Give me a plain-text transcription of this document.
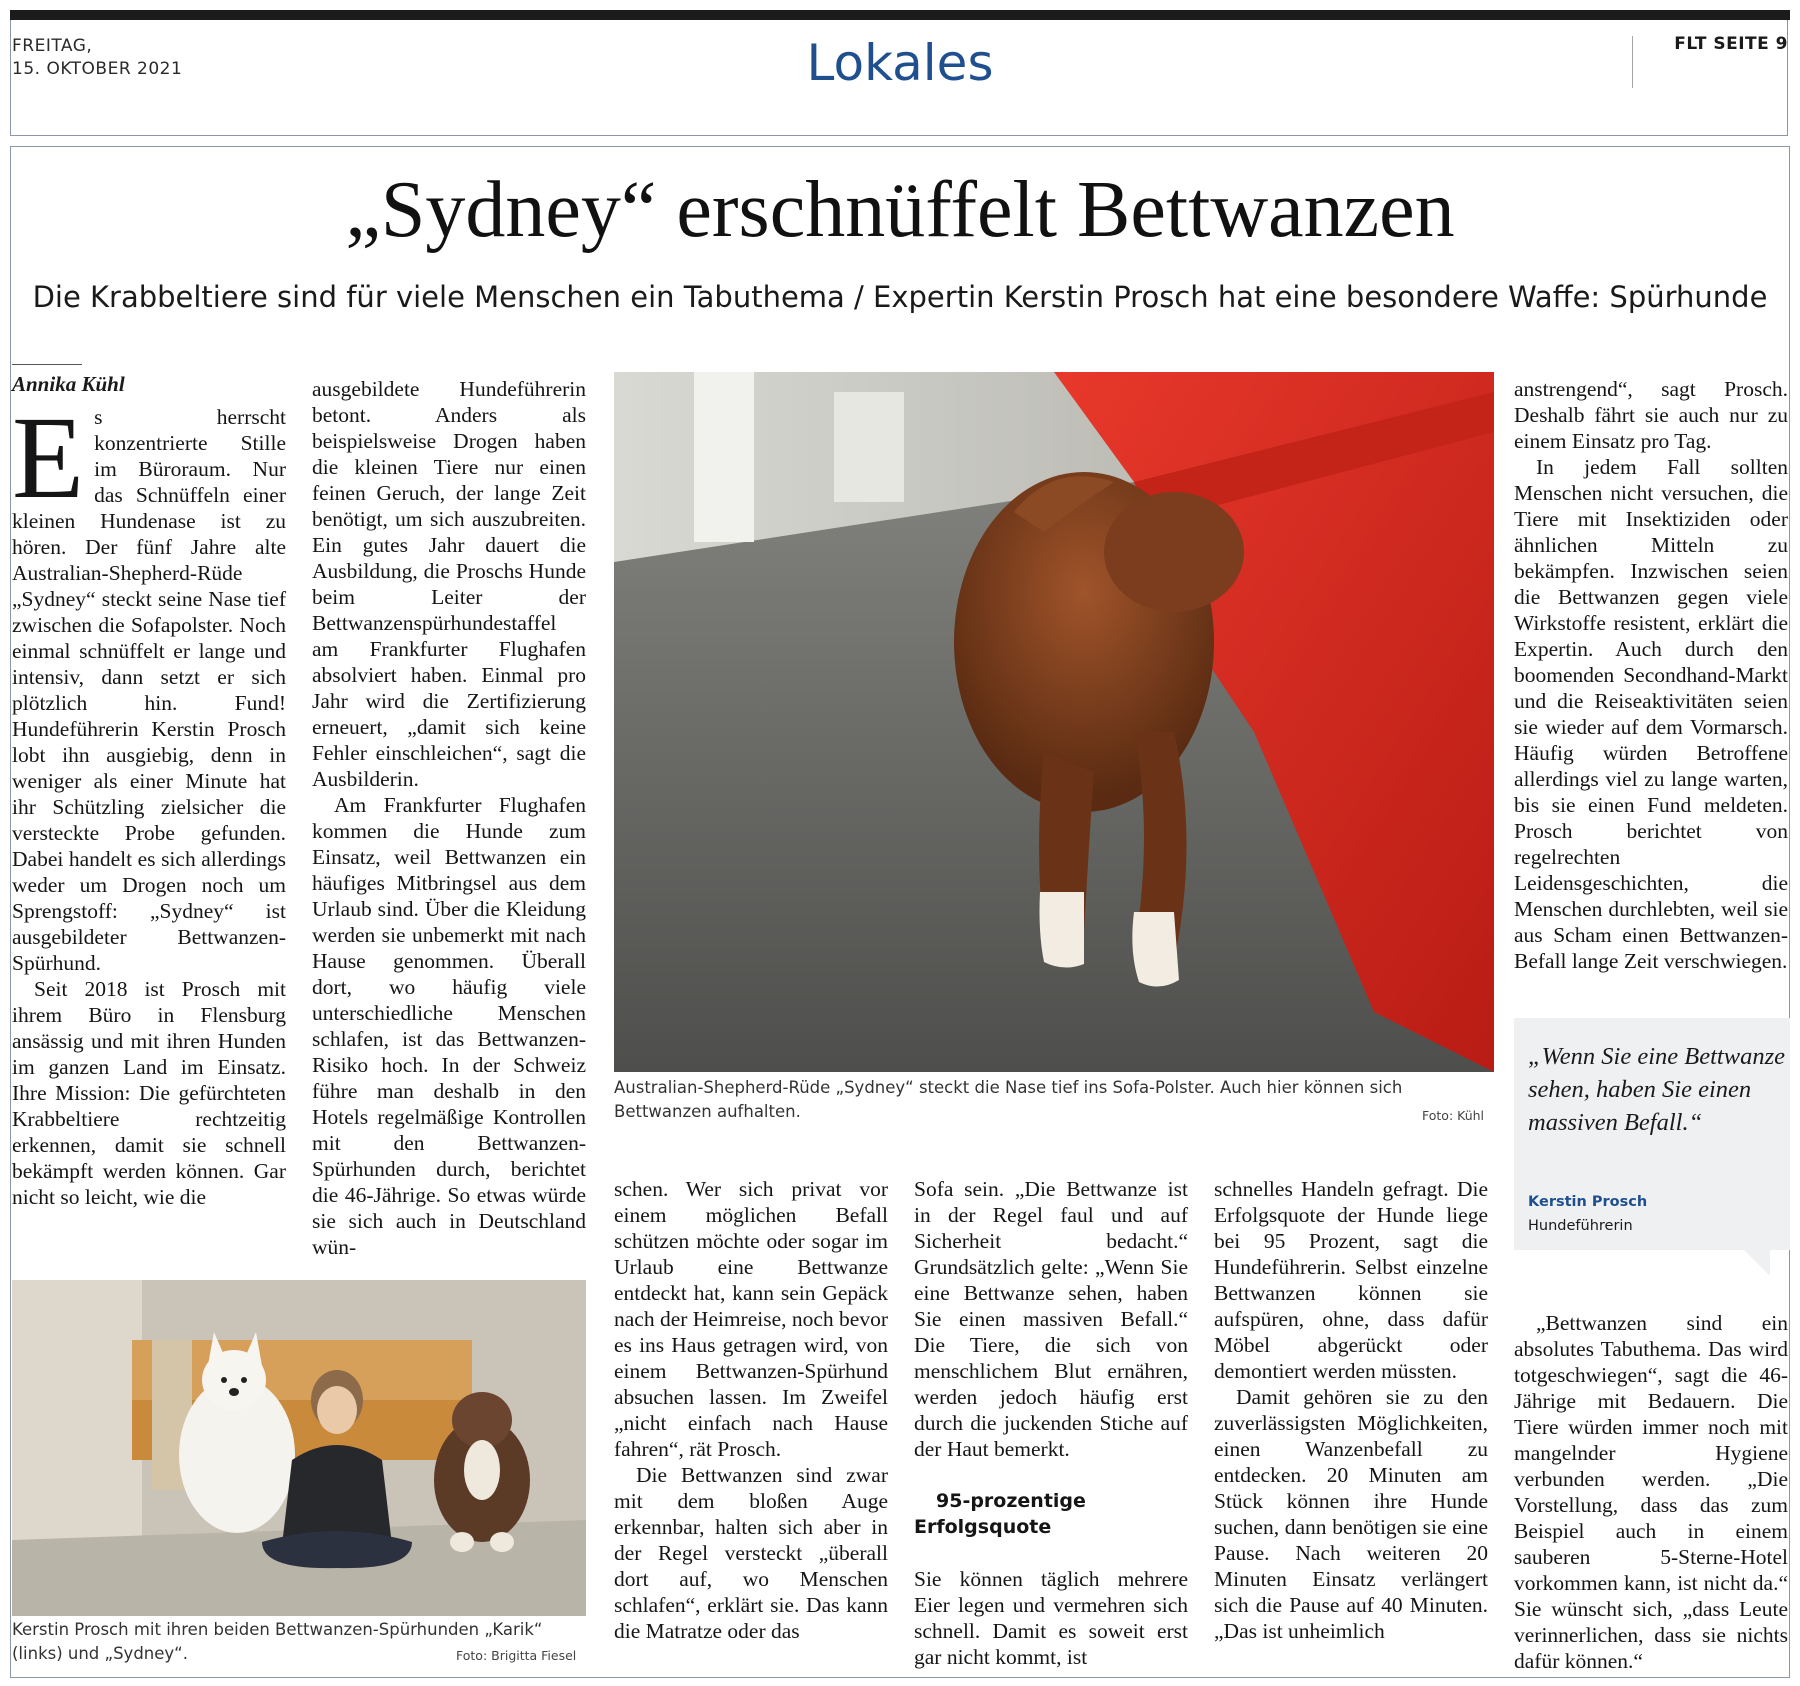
FREITAG,
15. OKTOBER 2021	Lokales	FLT SEITE 9
„Sydney“ erschnüffelt Bettwanzen
Die Krabbeltiere sind für viele Menschen ein Tabuthema / Expertin Kerstin Prosch hat eine besondere Waffe: Spürhunde
Annika Kühl

Es herrscht konzentrierte Stille im Büroraum. Nur das Schnüffeln einer kleinen Hundenase ist zu hören. Der fünf Jahre alte Australian-Shepherd-Rüde „Sydney“ steckt seine Nase tief zwischen die Sofapolster. Noch einmal schnüffelt er lange und intensiv, dann setzt er sich plötzlich hin. Fund! Hundeführerin Kerstin Prosch lobt ihn ausgiebig, denn in weniger als einer Minute hat ihr Schützling zielsicher die versteckte Probe gefunden. Dabei handelt es sich allerdings weder um Drogen noch um Sprengstoff: „Sydney“ ist ausgebildeter Bettwanzen-Spürhund.

Seit 2018 ist Prosch mit ihrem Büro in Flensburg ansässig und mit ihren Hunden im ganzen Land im Einsatz. Ihre Mission: Die gefürchteten Krabbeltiere rechtzeitig erkennen, damit sie schnell bekämpft werden können. Gar nicht so leicht, wie die

ausgebildete Hundeführerin betont. Anders als beispielsweise Drogen haben die kleinen Tiere nur einen feinen Geruch, der lange Zeit benötigt, um sich auszubreiten. Ein gutes Jahr dauert die Ausbildung, die Proschs Hunde beim Leiter der Bettwanzenspürhundestaffel am Frankfurter Flughafen absolviert haben. Einmal pro Jahr wird die Zertifizierung erneuert, „damit sich keine Fehler einschleichen“, sagt die Ausbilderin.

Am Frankfurter Flughafen kommen die Hunde zum Einsatz, weil Bettwanzen ein häufiges Mitbringsel aus dem Urlaub sind. Über die Kleidung werden sie unbemerkt mit nach Hause genommen. Überall dort, wo häufig viele unterschiedliche Menschen schlafen, ist das Bettwanzen-Risiko hoch. In der Schweiz führe man deshalb in den Hotels regelmäßige Kontrollen mit den Bettwanzen-Spürhunden durch, berichtet die 46-Jährige. So etwas würde sie sich auch in Deutschland wün-

Australian-Shepherd-Rüde „Sydney“ steckt die Nase tief ins Sofa-Polster. Auch hier können sich Bettwanzen aufhalten.	Foto: Kühl

anstrengend“, sagt Prosch. Deshalb fährt sie auch nur zu einem Einsatz pro Tag.

In jedem Fall sollten Menschen nicht versuchen, die Tiere mit Insektiziden oder ähnlichen Mitteln zu bekämpfen. Inzwischen seien die Bettwanzen gegen viele Wirkstoffe resistent, erklärt die Expertin. Auch durch den boomenden Secondhand-Markt und die Reiseaktivitäten seien sie wieder auf dem Vormarsch. Häufig würden Betroffene allerdings viel zu lange warten, bis sie einen Fund meldeten. Prosch berichtet von regelrechten Leidensgeschichten, die Menschen durchlebten, weil sie aus Scham einen Bettwanzen-Befall lange Zeit verschwiegen.

„Wenn Sie eine Bettwanze sehen, haben Sie einen massiven Befall.“
Kerstin Prosch
Hundeführerin

„Bettwanzen sind ein absolutes Tabuthema. Das wird totgeschwiegen“, sagt die 46-Jährige mit Bedauern. Die Tiere würden immer noch mit mangelnder Hygiene verbunden werden. „Die Vorstellung, dass das zum Beispiel auch in einem sauberen 5-Sterne-Hotel vorkommen kann, ist nicht da.“ Sie wünscht sich, „dass Leute verinnerlichen, dass sie nichts dafür können.“

Kerstin Prosch mit ihren beiden Bettwanzen-Spürhunden „Karik“ (links) und „Sydney“.	Foto: Brigitta Fiesel

schen. Wer sich privat vor einem möglichen Befall schützen möchte oder sogar im Urlaub eine Bettwanze entdeckt hat, kann sein Gepäck nach der Heimreise, noch bevor es ins Haus getragen wird, von einem Bettwanzen-Spürhund absuchen lassen. Im Zweifel „nicht einfach nach Hause fahren“, rät Prosch.

Die Bettwanzen sind zwar mit dem bloßen Auge erkennbar, halten sich aber in der Regel versteckt „überall dort auf, wo Menschen schlafen“, erklärt sie. Das kann die Matratze oder das

Sofa sein. „Die Bettwanze ist in der Regel faul und auf Sicherheit bedacht.“ Grundsätzlich gelte: „Wenn Sie eine Bettwanze sehen, haben Sie einen massiven Befall.“ Die Tiere, die sich von menschlichem Blut ernähren, werden jedoch häufig erst durch die juckenden Stiche auf der Haut bemerkt.

95-prozentige Erfolgsquote

Sie können täglich mehrere Eier legen und vermehren sich schnell. Damit es soweit erst gar nicht kommt, ist

schnelles Handeln gefragt. Die Erfolgsquote der Hunde liege bei 95 Prozent, sagt die Hundeführerin. Selbst einzelne Bettwanzen können sie aufspüren, ohne, dass dafür Möbel abgerückt oder demontiert werden müssten.

Damit gehören sie zu den zuverlässigsten Möglichkeiten, einen Wanzenbefall zu entdecken. 20 Minuten am Stück können ihre Hunde suchen, dann benötigen sie eine Pause. Nach weiteren 20 Minuten Einsatz verlängert sich die Pause auf 40 Minuten. „Das ist unheimlich
